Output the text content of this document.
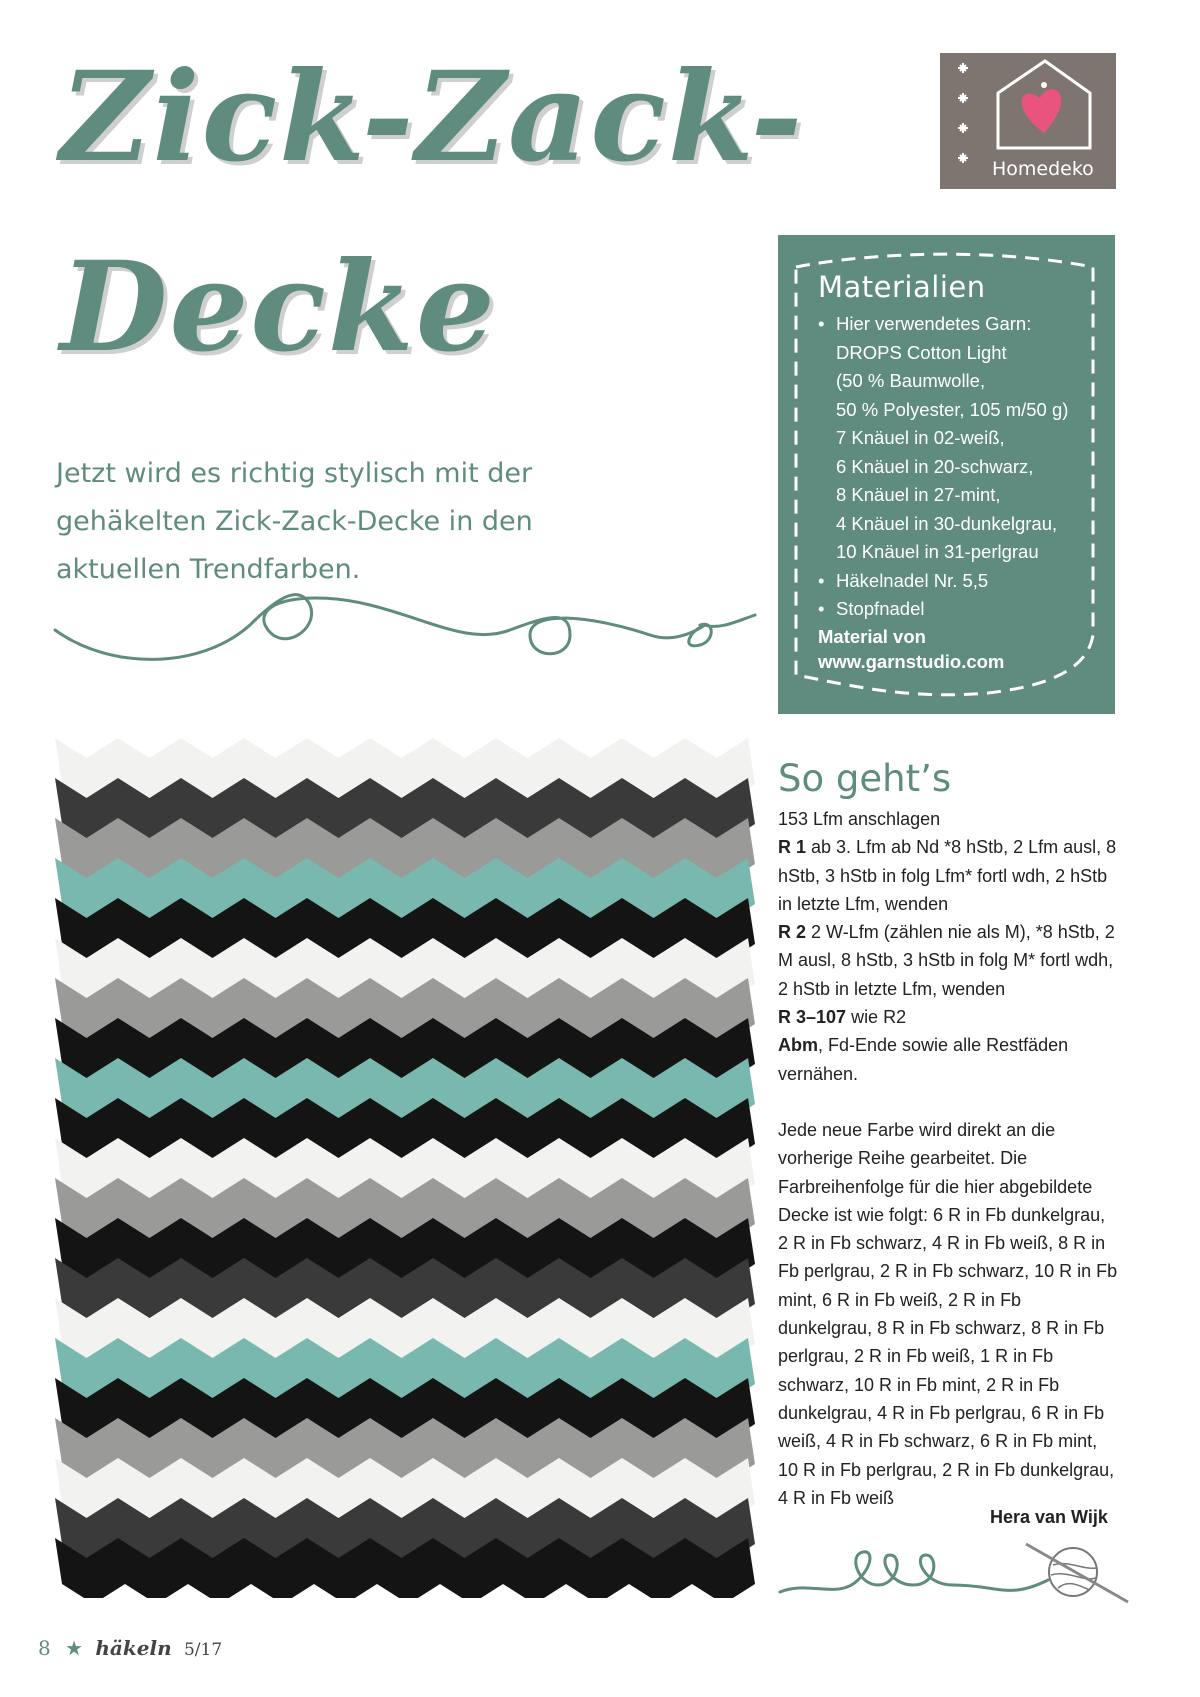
Zick-Zack-
Decke
Jetzt wird es richtig stylisch mit der gehäkelten Zick-Zack-Decke in den aktuellen Trendfarben.
Homedeko
Materialien
• Hier verwendetes Garn:
DROPS Cotton Light
(50 % Baumwolle,
50 % Polyester, 105 m/50 g)
7 Knäuel in 02-weiß,
6 Knäuel in 20-schwarz,
8 Knäuel in 27-mint,
4 Knäuel in 30-dunkelgrau,
10 Knäuel in 31-perlgrau
• Häkelnadel Nr. 5,5
• Stopfnadel
Material von
www.garnstudio.com
So geht’s
153 Lfm anschlagen
R 1 ab 3. Lfm ab Nd *8 hStb, 2 Lfm ausl, 8 hStb, 3 hStb in folg Lfm* fortl wdh, 2 hStb in letzte Lfm, wenden
R 2 2 W-Lfm (zählen nie als M), *8 hStb, 2 M ausl, 8 hStb, 3 hStb in folg M* fortl wdh, 2 hStb in letzte Lfm, wenden
R 3–107 wie R2
Abm, Fd-Ende sowie alle Restfäden vernähen.
Jede neue Farbe wird direkt an die vorherige Reihe gearbeitet. Die Farbreihenfolge für die hier abgebildete Decke ist wie folgt: 6 R in Fb dunkelgrau, 2 R in Fb schwarz, 4 R in Fb weiß, 8 R in Fb perlgrau, 2 R in Fb schwarz, 10 R in Fb mint, 6 R in Fb weiß, 2 R in Fb dunkelgrau, 8 R in Fb schwarz, 8 R in Fb perlgrau, 2 R in Fb weiß, 1 R in Fb schwarz, 10 R in Fb mint, 2 R in Fb dunkelgrau, 4 R in Fb perlgrau, 6 R in Fb weiß, 4 R in Fb schwarz, 6 R in Fb mint, 10 R in Fb perlgrau, 2 R in Fb dunkelgrau, 4 R in Fb weiß
Hera van Wijk
8 ★ häkeln 5/17
